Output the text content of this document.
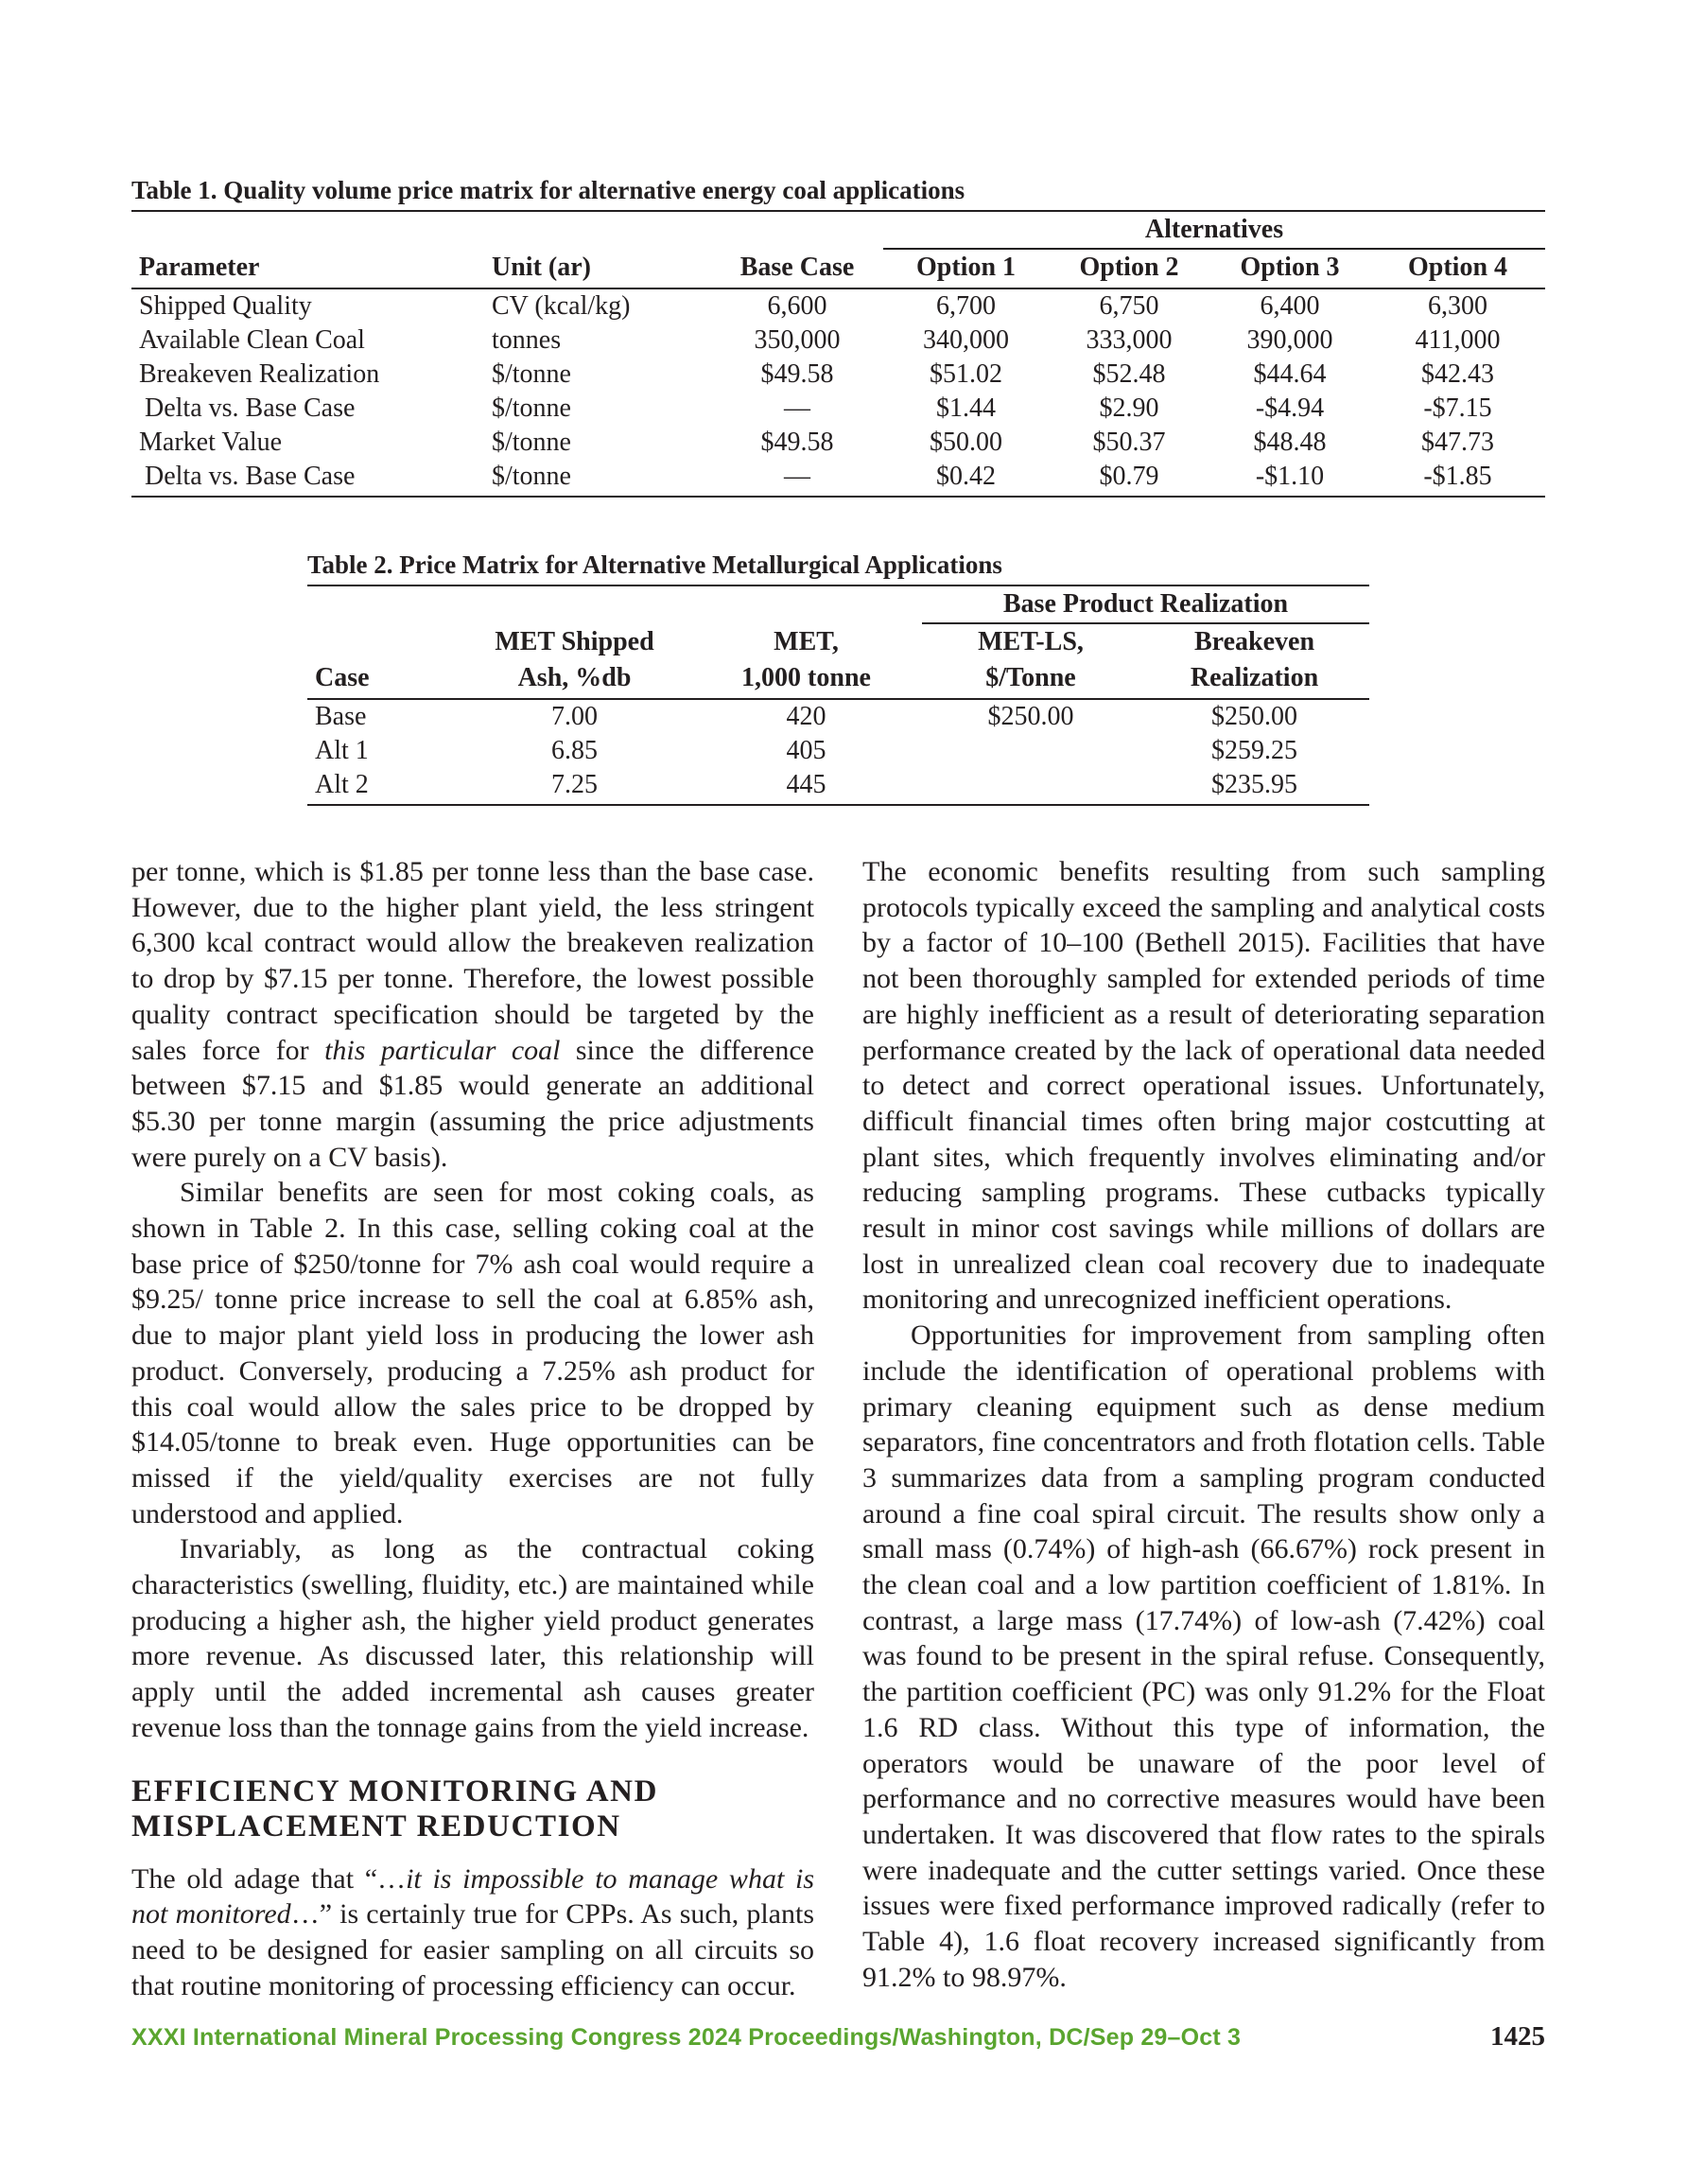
Table 1. Quality volume price matrix for alternative energy coal applications
			Alternatives			
Parameter	Unit (ar)	Base Case	Option 1	Option 2	Option 3	Option 4
Shipped Quality	CV (kcal/kg)	6,600	6,700	6,750	6,400	6,300
Available Clean Coal	tonnes	350,000	340,000	333,000	390,000	411,000
Breakeven Realization	$/tonne	$49.58	$51.02	$52.48	$44.64	$42.43
Delta vs. Base Case	$/tonne	—	$1.44	$2.90	-$4.94	-$7.15
Market Value	$/tonne	$49.58	$50.00	$50.37	$48.48	$47.73
Delta vs. Base Case	$/tonne	—	$0.42	$0.79	-$1.10	-$1.85
Table 2. Price Matrix for Alternative Metallurgical Applications
			Base Product Realization	
	MET Shipped	MET,	MET-LS,	Breakeven
Case	Ash, %db	1,000 tonne	$/Tonne	Realization
Base	7.00	420	$250.00	$250.00
Alt 1	6.85	405		$259.25
Alt 2	7.25	445		$235.95

per tonne, which is $1.85 per tonne less than the base case. However, due to the higher plant yield, the less stringent 6,300 kcal contract would allow the breakeven realization to drop by $7.15 per tonne. Therefore, the lowest possible quality contract specification should be targeted by the sales force for this particular coal since the difference between $7.15 and $1.85 would generate an additional $5.30 per tonne margin (assuming the price adjustments were purely on a CV basis).

Similar benefits are seen for most coking coals, as shown in Table 2. In this case, selling coking coal at the base price of $250/tonne for 7% ash coal would require a $9.25/ tonne price increase to sell the coal at 6.85% ash, due to major plant yield loss in producing the lower ash product. Conversely, producing a 7.25% ash product for this coal would allow the sales price to be dropped by $14.05/tonne to break even. Huge opportunities can be missed if the yield/quality exercises are not fully understood and applied.

Invariably, as long as the contractual coking characteristics (swelling, fluidity, etc.) are maintained while producing a higher ash, the higher yield product generates more revenue. As discussed later, this relationship will apply until the added incremental ash causes greater revenue loss than the tonnage gains from the yield increase.

EFFICIENCY MONITORING AND
MISPLACEMENT REDUCTION

The old adage that “…it is impossible to manage what is not monitored…” is certainly true for CPPs. As such, plants need to be designed for easier sampling on all circuits so that routine monitoring of processing efficiency can occur.

The economic benefits resulting from such sampling protocols typically exceed the sampling and analytical costs by a factor of 10–100 (Bethell 2015). Facilities that have not been thoroughly sampled for extended periods of time are highly inefficient as a result of deteriorating separation performance created by the lack of operational data needed to detect and correct operational issues. Unfortunately, difficult financial times often bring major costcutting at plant sites, which frequently involves eliminating and/or reducing sampling programs. These cutbacks typically result in minor cost savings while millions of dollars are lost in unrealized clean coal recovery due to inadequate monitoring and unrecognized inefficient operations.

Opportunities for improvement from sampling often include the identification of operational problems with primary cleaning equipment such as dense medium separators, fine concentrators and froth flotation cells. Table 3 summarizes data from a sampling program conducted around a fine coal spiral circuit. The results show only a small mass (0.74%) of high-ash (66.67%) rock present in the clean coal and a low partition coefficient of 1.81%. In contrast, a large mass (17.74%) of low-ash (7.42%) coal was found to be present in the spiral refuse. Consequently, the partition coefficient (PC) was only 91.2% for the Float 1.6 RD class. Without this type of information, the operators would be unaware of the poor level of performance and no corrective measures would have been undertaken. It was discovered that flow rates to the spirals were inadequate and the cutter settings varied. Once these issues were fixed performance improved radically (refer to Table 4), 1.6 float recovery increased significantly from 91.2% to 98.97%.

XXXI International Mineral Processing Congress 2024 Proceedings/Washington, DC/Sep 29–Oct 3	1425
